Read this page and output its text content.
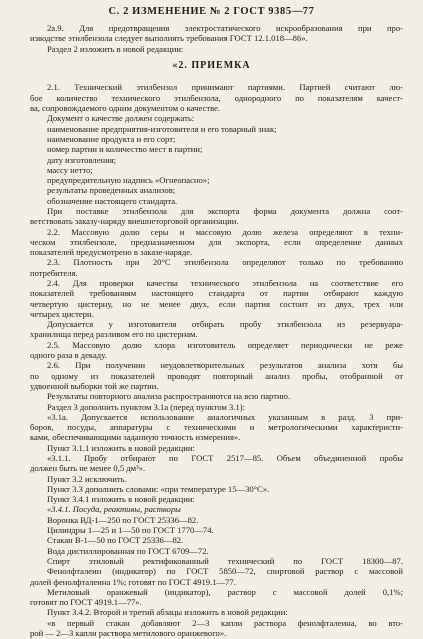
С. 2 ИЗМЕНЕНИЕ № 2 ГОСТ 9385—77
«2. ПРИЕМКА
2а.9. Для предотвращения электростатического искрообразования при про-
изводстве этилбензола следует выполнять требования ГОСТ 12.1.018—86».
Раздел 2 изложить в новой редакции:
2.1. Технический этилбензол принимают партиями. Партией считают лю-
бое количество технического этилбензола, однородного по показателям качест-
ва, сопровождаемого одним документом о качестве.
Документ о качестве должен содержать:
наименование предприятия-изготовителя и его товарный знак;
наименование продукта и его сорт;
номер партии и количество мест в партии;
дату изготовления;
массу нетто;
предупредительную надпись «Огнеопасно»;
результаты проведенных анализов;
обозначение настоящего стандарта.
При поставке этилбензола для экспорта форма документа должна соот-
ветствовать заказу-наряду внешнеторговой организации.
2.2. Массовую долю серы и массовую долю железа определяют в техни-
ческом этилбензоле, предназначенном для экспорта, если определение данных
показателей предусмотрено в заказе-наряде.
2.3. Плотность при 20°С этилбензола определяют только по требованию
потребителя.
2.4. Для проверки качества технического этилбензола на соответствие его
показателей требованиям настоящего стандарта от партии отбирают каждую
четвертую цистерну, но не менее двух, если партия состоит из двух, трех или
четырех цистерн.
Допускается у изготовителя отбирать пробу этилбензола из резервуара-
хранилища перед разливом его по цистернам.
2.5. Массовую долю хлора изготовитель определяет периодически не реже
одного раза в декаду.
2.6. При получении неудовлетворительных результатов анализа хотя бы
по одному из показателей проводят повторный анализ пробы, отобранной от
удвоенной выборки той же партии.
Результаты повторного анализа распространяются на всю партию.
Раздел 3 дополнить пунктом 3.1а (перед пунктом 3.1):
«3.1а. Допускается использование аналогичных указанным в разд. 3 при-
боров, посуды, аппаратуры с техническими и метрологическими характеристи-
ками, обеспечивающими заданную точность измерения».
Пункт 3.1.1 изложить в новой редакции:
«3.1.1. Пробу отбирают по ГОСТ 2517—85. Объем объединенной пробы
должен быть не менее 0,5 дм³».
Пункт 3.2 исключить.
Пункт 3.3 дополнить словами: «при температуре 15—30°С».
Пункт 3.4.1 изложить в новой редакции:
«3.4.1. Посуда, реактивы, растворы
Воронка ВД-1—250 по ГОСТ 25336—82.
Цилиндры 1—25 и 1—50 по ГОСТ 1770—74.
Стакан В-1—50 по ГОСТ 25336—82.
Вода дистиллированная по ГОСТ 6709—72.
Спирт этиловый ректификованный технический по ГОСТ 18300—87.
Фенолфталеин (индикатор) по ГОСТ 5850—72, спиртовой раствор с массовой
долей фенолфталеина 1%; готовят по ГОСТ 4919.1—77.
Метиловый оранжевый (индикатор), раствор с массовой долей 0,1%;
готовят по ГОСТ 4919.1—77».
Пункт 3.4.2. Второй и третий абзацы изложить в новой редакции:
«в первый стакан добавляют 2—3 капли раствора фенолфталеина, во вто-
рой — 2—3 капли раствора метилового оранжевого».
